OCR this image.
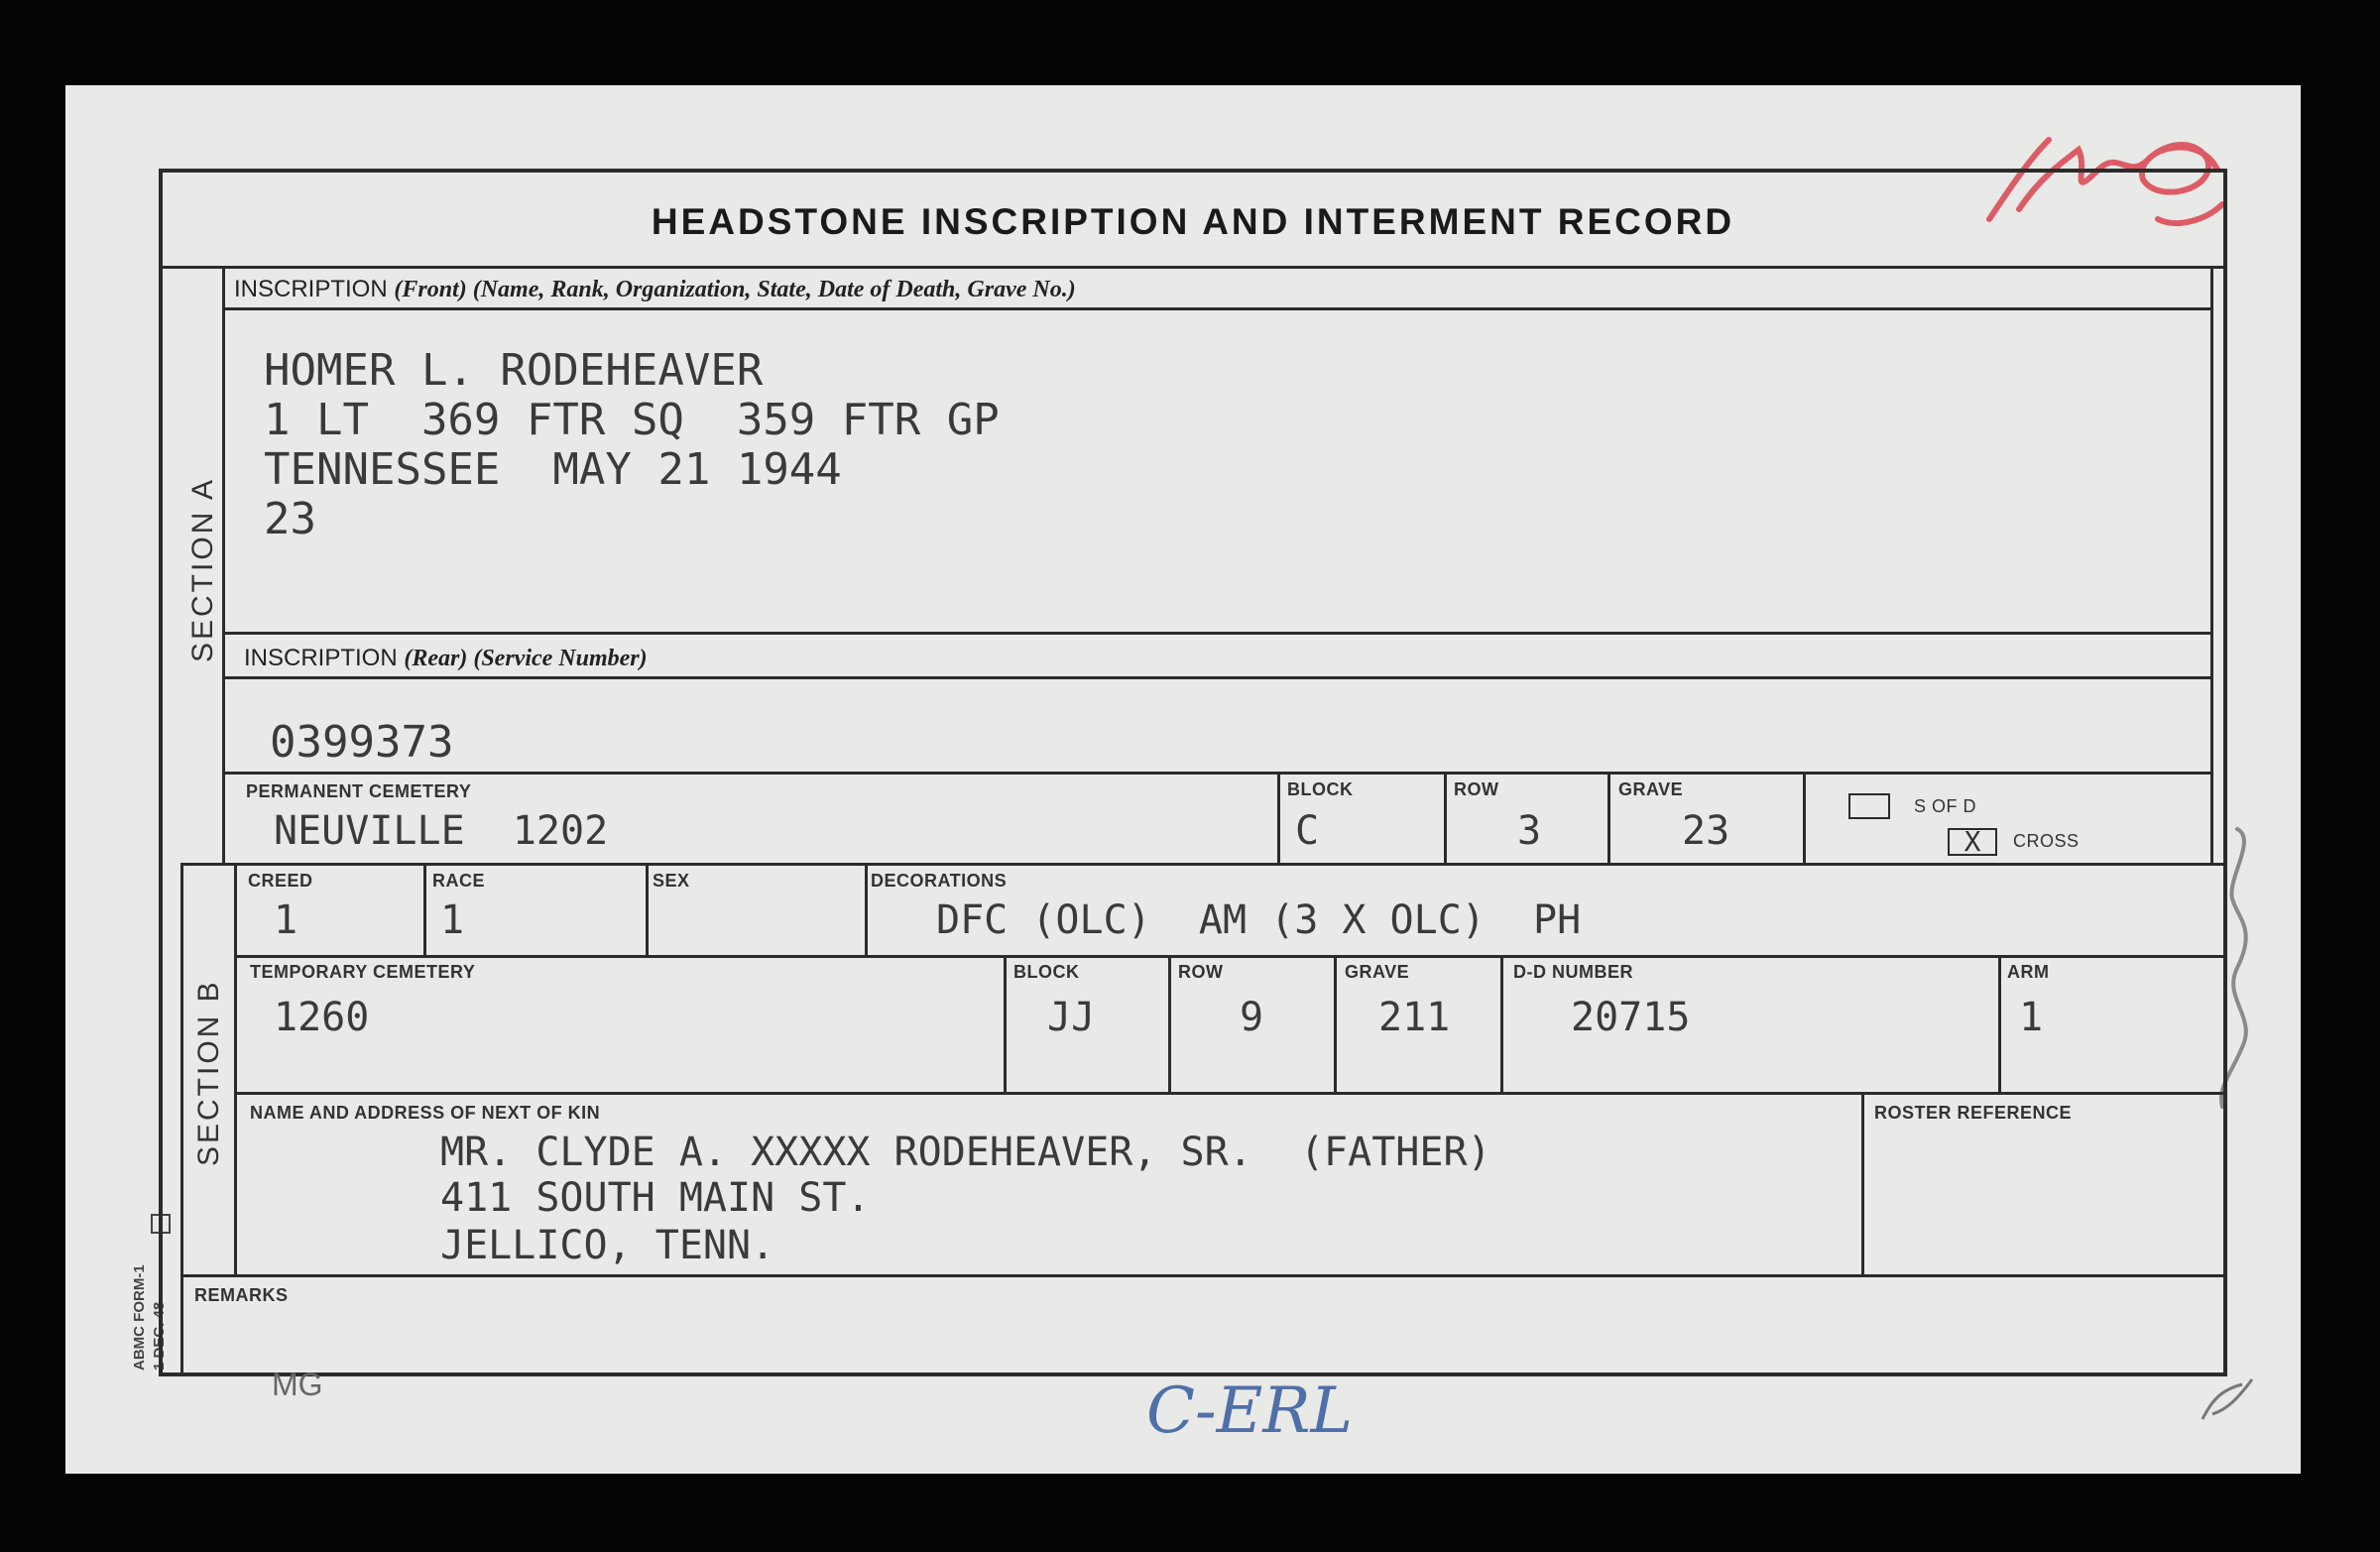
ABMC FORM-1 1 DEC. 48
C-ERL
HEADSTONE INSCRIPTION AND INTERMENT RECORD
SECTION A
SECTION B
INSCRIPTION (Front) (Name, Rank, Organization, State, Date of Death, Grave No.)
HOMER L. RODEHEAVER
1 LT  369 FTR SQ  359 FTR GP
TENNESSEE  MAY 21 1944
23
INSCRIPTION (Rear) (Service Number)
0399373
PERMANENT CEMETERY
NEUVILLE  1202
BLOCK
C
ROW
3
GRAVE
23
S OF D
X	CROSS
CREED
1
RACE
1
SEX	DECORATIONS
DFC (OLC)  AM (3 X OLC)  PH
TEMPORARY CEMETERY
1260
BLOCK
JJ
ROW
9
GRAVE
211
D-D NUMBER
20715
ARM
1
NAME AND ADDRESS OF NEXT OF KIN
MR. CLYDE A. XXXXX RODEHEAVER, SR.  (FATHER)
411 SOUTH MAIN ST.
JELLICO, TENN.
ROSTER REFERENCE
REMARKS
MG
